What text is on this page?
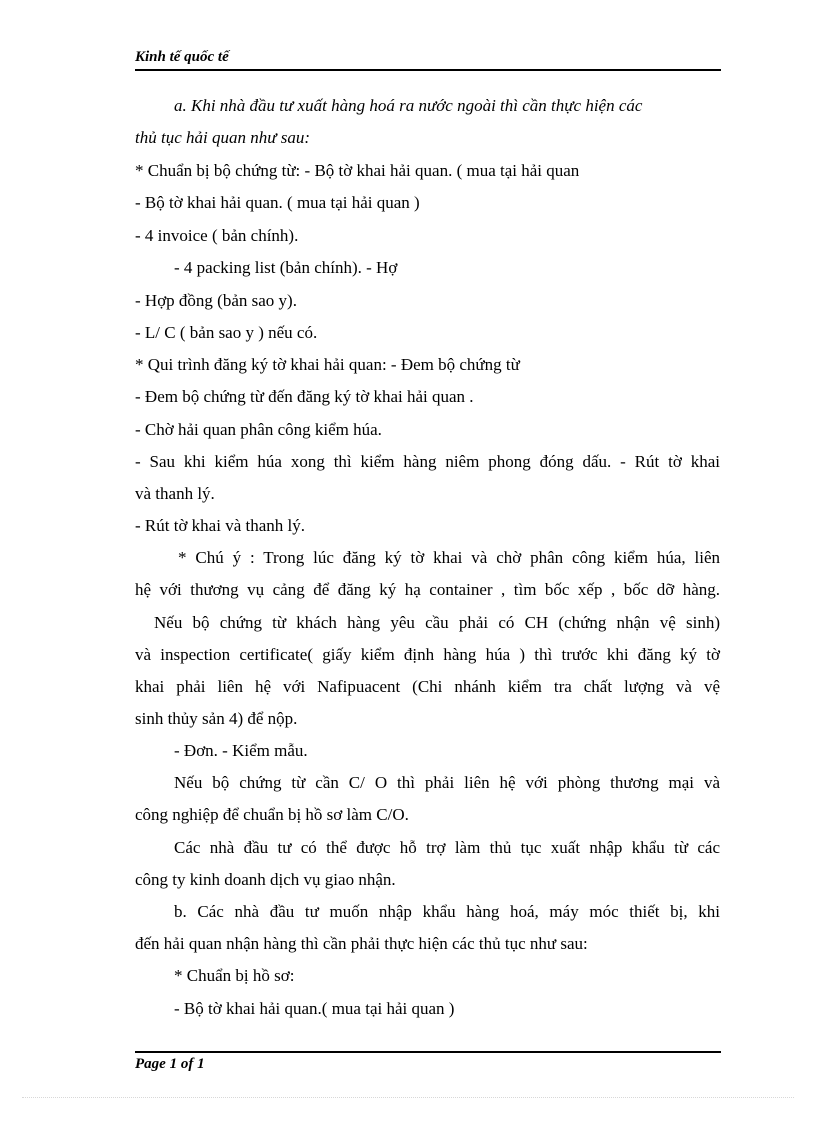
Kinh tế quốc tế
a. Khi nhà đầu tư xuất hàng hoá ra nước ngoài thì cần thực hiện các
thủ tục hải quan như sau:
* Chuẩn bị bộ chứng từ: - Bộ tờ khai hải quan. ( mua tại hải quan
- Bộ tờ khai hải quan. ( mua tại hải quan )
- 4 invoice ( bản chính).
- 4 packing list (bản chính). - Hợ
- Hợp đồng (bản sao y).
- L/ C ( bản sao y ) nếu có.
* Qui trình đăng ký tờ khai hải quan: - Đem bộ chứng từ
- Đem bộ chứng từ đến đăng ký tờ khai hải quan .
- Chờ hải quan phân công kiểm húa.
- Sau khi kiểm húa xong thì kiểm hàng niêm phong đóng dấu. - Rút tờ khai
và thanh lý.
- Rút tờ khai và thanh lý.
* Chú ý : Trong lúc đăng ký tờ khai và chờ phân công kiểm húa, liên
hệ với thương vụ cảng để đăng ký hạ container , tìm bốc xếp , bốc dỡ hàng.
Nếu bộ chứng từ khách hàng yêu cầu phải có CH (chứng nhận vệ sinh)
và inspection certificate( giấy kiểm định hàng húa ) thì trước khi đăng ký tờ
khai phải liên hệ với Nafipuacent (Chi nhánh kiểm tra chất lượng và vệ
sinh thủy sản 4) để nộp.
- Đơn. - Kiểm mẫu.
Nếu bộ chứng từ cần C/ O thì phải liên hệ với phòng thương mại và
công nghiệp để chuẩn bị hồ sơ làm C/O.
Các nhà đầu tư có thể được hỗ trợ làm thủ tục xuất nhập khẩu từ các
công ty kinh doanh dịch vụ giao nhận.
b. Các nhà đầu tư muốn nhập khẩu hàng hoá, máy móc thiết bị, khi
đến hải quan nhận hàng thì cần phải thực hiện các thủ tục như sau:
* Chuẩn bị hồ sơ:
- Bộ tờ khai hải quan.( mua tại hải quan )
Page 1 of 1
